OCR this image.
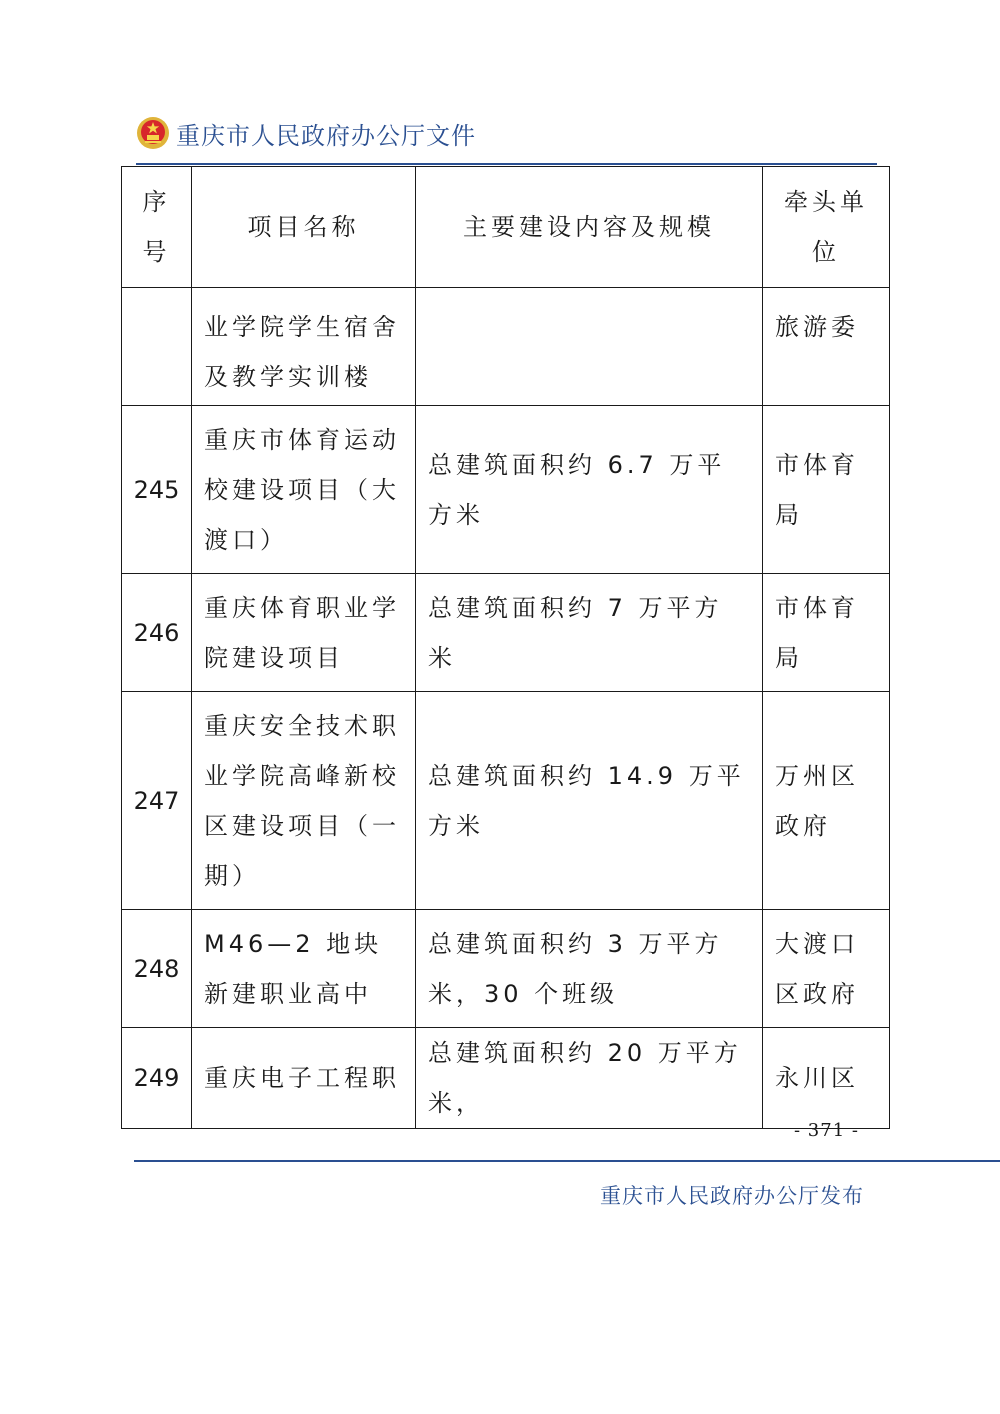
重庆市人民政府办公厅文件
序号	项目名称	主要建设内容及规模	牵头单位
	业学院学生宿舍及教学实训楼		旅游委
245	重庆市体育运动校建设项目（大渡口）	总建筑面积约 6.7 万平方米	市体育局
246	重庆体育职业学院建设项目	总建筑面积约 7 万平方米	市体育局
247	重庆安全技术职业学院高峰新校区建设项目（一期）	总建筑面积约 14.9 万平方米	万州区政府
248	M46—2 地块新建职业高中	总建筑面积约 3 万平方米，30 个班级	大渡口区政府
249	重庆电子工程职	总建筑面积约 20 万平方米，	永川区
- 371 -
重庆市人民政府办公厅发布
